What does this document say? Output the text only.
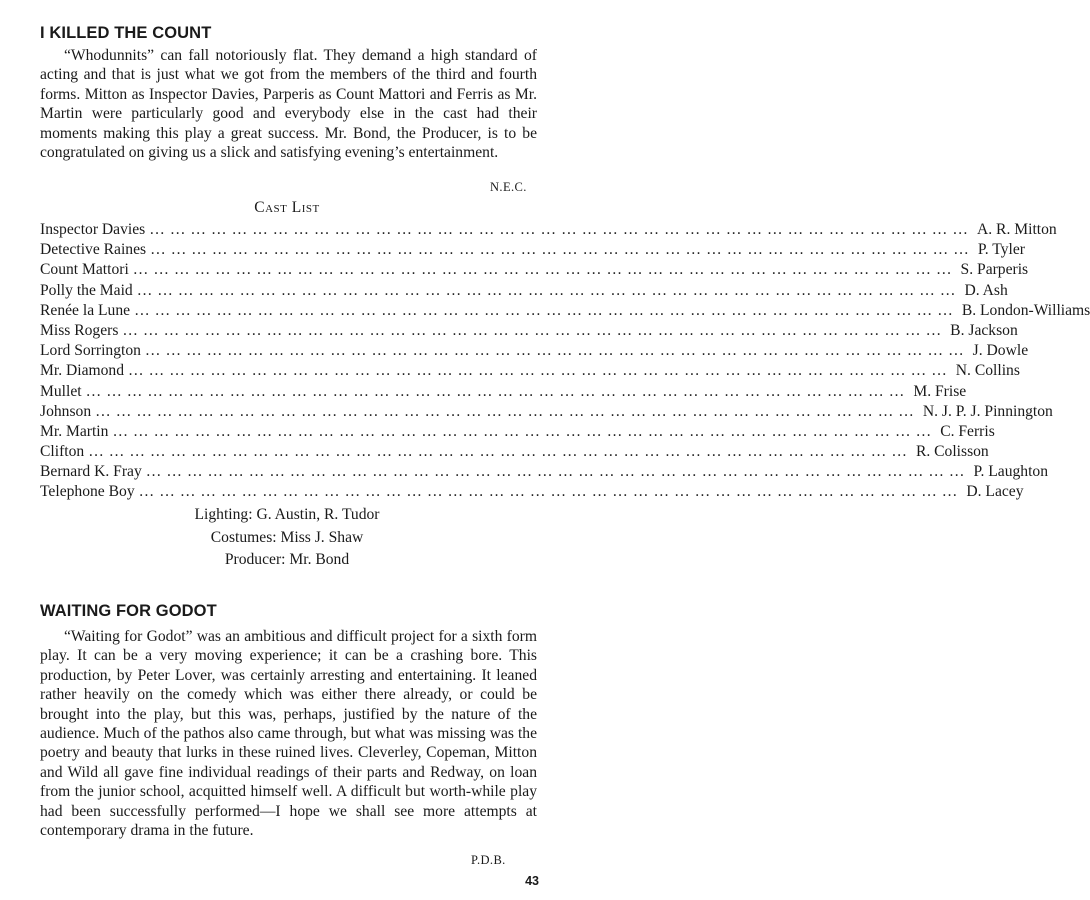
I KILLED THE COUNT

“Whodunnits” can fall notoriously flat. They demand a high standard of acting and that is just what we got from the members of the third and fourth forms. Mitton as Inspector Davies, Parperis as Count Mattori and Ferris as Mr. Martin were particularly good and everybody else in the cast had their moments making this play a great success. Mr. Bond, the Producer, is to be congratulated on giving us a slick and satisfying evening’s entertainment.

N.E.C.
Cast List
Inspector Davies ………………………………………………………………………………………………………… A. R. Mitton
Detective Raines ………………………………………………………………………………………………………… P. Tyler
Count Mattori ………………………………………………………………………………………………………… S. Parperis
Polly the Maid ………………………………………………………………………………………………………… D. Ash
Renée la Lune ………………………………………………………………………………………………………… B. London-Williams
Miss Rogers ………………………………………………………………………………………………………… B. Jackson
Lord Sorrington ………………………………………………………………………………………………………… J. Dowle
Mr. Diamond ………………………………………………………………………………………………………… N. Collins
Mullet ………………………………………………………………………………………………………… M. Frise
Johnson ………………………………………………………………………………………………………… N. J. P. J. Pinnington
Mr. Martin ………………………………………………………………………………………………………… C. Ferris
Clifton ………………………………………………………………………………………………………… R. Colisson
Bernard K. Fray ………………………………………………………………………………………………………… P. Laughton
Telephone Boy ………………………………………………………………………………………………………… D. Lacey
Lighting: G. Austin, R. Tudor
Costumes: Miss J. Shaw
Producer: Mr. Bond
WAITING FOR GODOT

“Waiting for Godot” was an ambitious and difficult project for a sixth form play. It can be a very moving experience; it can be a crashing bore. This production, by Peter Lover, was certainly arresting and entertaining. It leaned rather heavily on the comedy which was either there already, or could be brought into the play, but this was, perhaps, justified by the nature of the audience. Much of the pathos also came through, but what was missing was the poetry and beauty that lurks in these ruined lives. Cleverley, Copeman, Mitton and Wild all gave fine individual readings of their parts and Redway, on loan from the junior school, acquitted himself well. A difficult but worth-while play had been successfully performed—I hope we shall see more attempts at contemporary drama in the future.

P.D.B.
43
